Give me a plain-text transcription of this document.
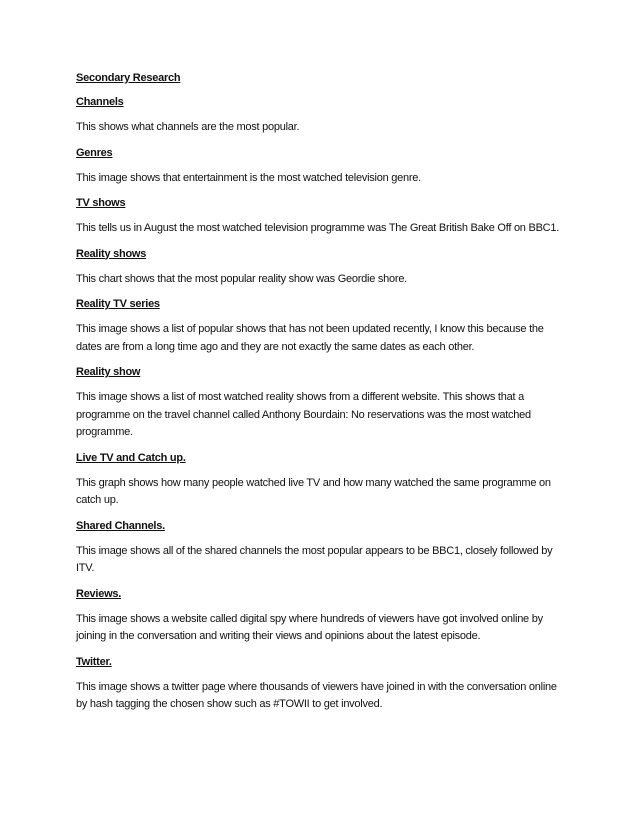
Secondary Research
Channels
This shows what channels are the most popular.
Genres
This image shows that entertainment is the most watched television genre.
TV shows
This tells us in August the most watched television programme was The Great British Bake Off on BBC1.
Reality shows
This chart shows that the most popular reality show was Geordie shore.
Reality TV series
This image shows a list of popular shows that has not been updated recently, I know this because the dates are from a long time ago and they are not exactly the same dates as each other.
Reality show
This image shows a list of most watched reality shows from a different website. This shows that a programme on the travel channel called Anthony Bourdain: No reservations was the most watched programme.
Live TV and Catch up.
This graph shows how many people watched live TV and how many watched the same programme on catch up.
Shared Channels.
This image shows all of the shared channels the most popular appears to be BBC1, closely followed by ITV.
Reviews.
This image shows a website called digital spy where hundreds of viewers have got involved online by joining in the conversation and writing their views and opinions about the latest episode.
Twitter.
This image shows a twitter page where thousands of viewers have joined in with the conversation online by hash tagging the chosen show such as #TOWII to get involved.
